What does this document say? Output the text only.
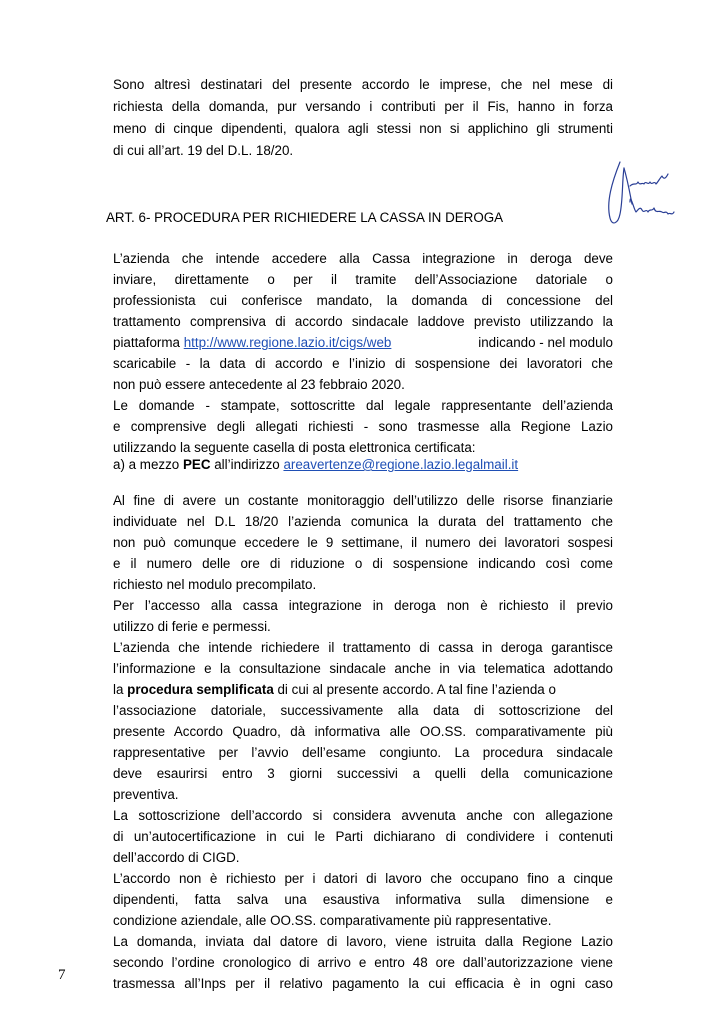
Sono altresì destinatari del presente accordo le imprese, che nel mese di
richiesta della domanda, pur versando i contributi per il Fis, hanno in forza
meno di cinque dipendenti, qualora agli stessi non si applichino gli strumenti
di cui all’art. 19 del D.L. 18/20.
ART. 6- PROCEDURA PER RICHIEDERE LA CASSA IN DEROGA
L’azienda che intende accedere alla Cassa integrazione in deroga deve
inviare, direttamente o per il tramite dell’Associazione datoriale o
professionista cui conferisce mandato, la domanda di concessione del
trattamento comprensiva di accordo sindacale laddove previsto utilizzando la
piattaforma http://www.regione.lazio.it/cigs/web	indicando - nel modulo
scaricabile - la data di accordo e l’inizio di sospensione dei lavoratori che
non può essere antecedente al 23 febbraio 2020.
Le domande - stampate, sottoscritte dal legale rappresentante dell’azienda
e comprensive degli allegati richiesti - sono trasmesse alla Regione Lazio
utilizzando la seguente casella di posta elettronica certificata:
a) a mezzo PEC all’indirizzo areavertenze@regione.lazio.legalmail.it
Al fine di avere un costante monitoraggio dell’utilizzo delle risorse finanziarie
individuate nel D.L 18/20 l’azienda comunica la durata del trattamento che
non può comunque eccedere le 9 settimane, il numero dei lavoratori sospesi
e il numero delle ore di riduzione o di sospensione indicando così come
richiesto nel modulo precompilato.
Per l’accesso alla cassa integrazione in deroga non è richiesto il previo
utilizzo di ferie e permessi.
L’azienda che intende richiedere il trattamento di cassa in deroga garantisce
l’informazione e la consultazione sindacale anche in via telematica adottando
la procedura semplificata di cui al presente accordo. A tal fine l’azienda o
l’associazione datoriale, successivamente alla data di sottoscrizione del
presente Accordo Quadro, dà informativa alle OO.SS. comparativamente più
rappresentative per l’avvio dell’esame congiunto. La procedura sindacale
deve esaurirsi entro 3 giorni successivi a quelli della comunicazione
preventiva.
La sottoscrizione dell’accordo si considera avvenuta anche con allegazione
di un’autocertificazione in cui le Parti dichiarano di condividere i contenuti
dell’accordo di CIGD.
L’accordo non è richiesto per i datori di lavoro che occupano fino a cinque
dipendenti, fatta salva una esaustiva informativa sulla dimensione e
condizione aziendale, alle OO.SS. comparativamente più rappresentative.
La domanda, inviata dal datore di lavoro, viene istruita dalla Regione Lazio
secondo l’ordine cronologico di arrivo e entro 48 ore dall’autorizzazione viene
trasmessa all’Inps per il relativo pagamento la cui efficacia è in ogni caso
7
